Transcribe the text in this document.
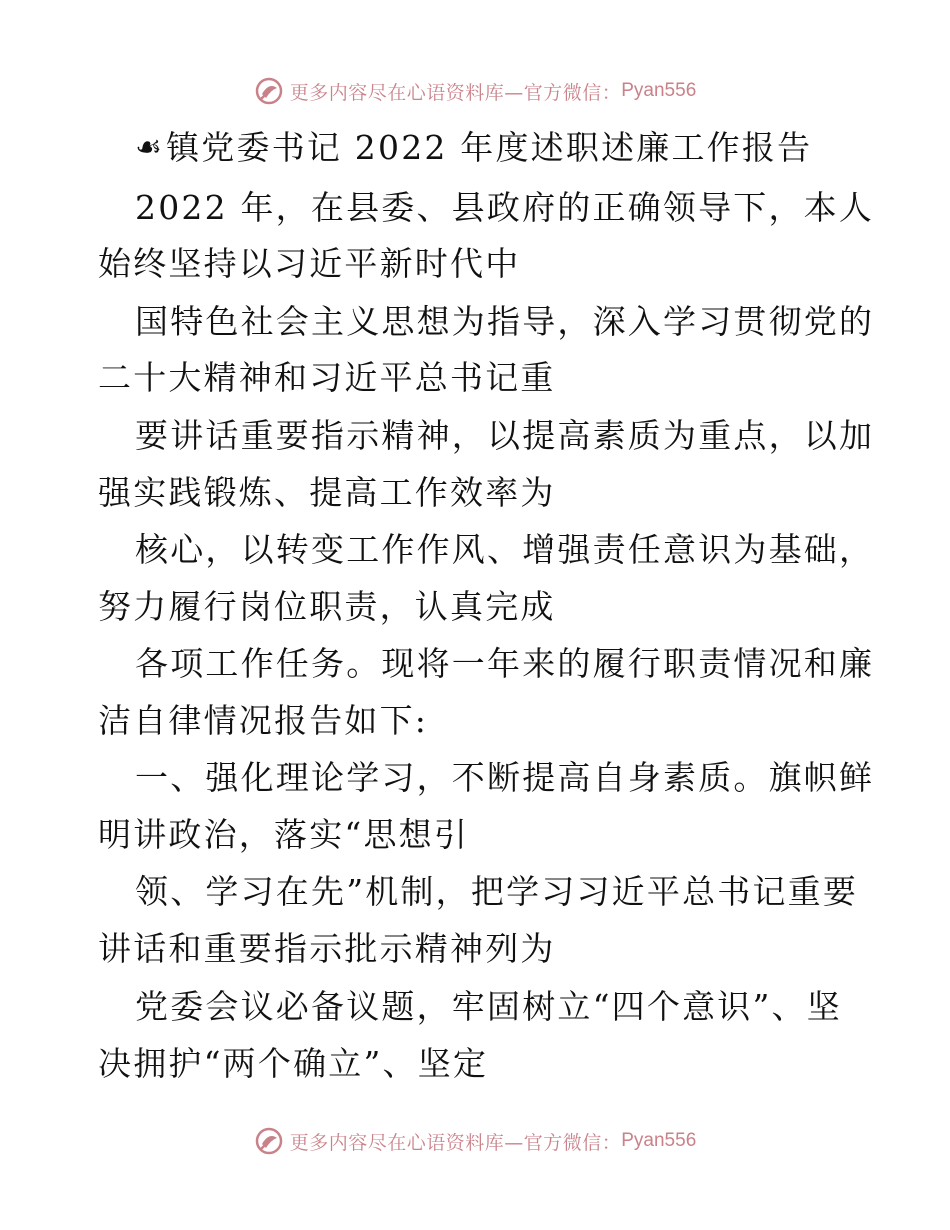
更多内容尽在心语资料库—官方微信： Pyan556
☙ 镇党委书记 2022 年度述职述廉工作报告
2022 年，在县委、县政府的正确领导下，本人
始终坚持以习近平新时代中
国特色社会主义思想为指导，深入学习贯彻党的
二十大精神和习近平总书记重
要讲话重要指示精神，以提高素质为重点，以加
强实践锻炼、提高工作效率为
核心，以转变工作作风、增强责任意识为基础，
努力履行岗位职责，认真完成
各项工作任务。现将一年来的履行职责情况和廉
洁自律情况报告如下:
一、强化理论学习，不断提高自身素质。旗帜鲜
明讲政治，落实“思想引
领、学习在先”机制，把学习习近平总书记重要
讲话和重要指示批示精神列为
党委会议必备议题，牢固树立“四个意识”、坚
决拥护“两个确立”、坚定
更多内容尽在心语资料库—官方微信： Pyan556
